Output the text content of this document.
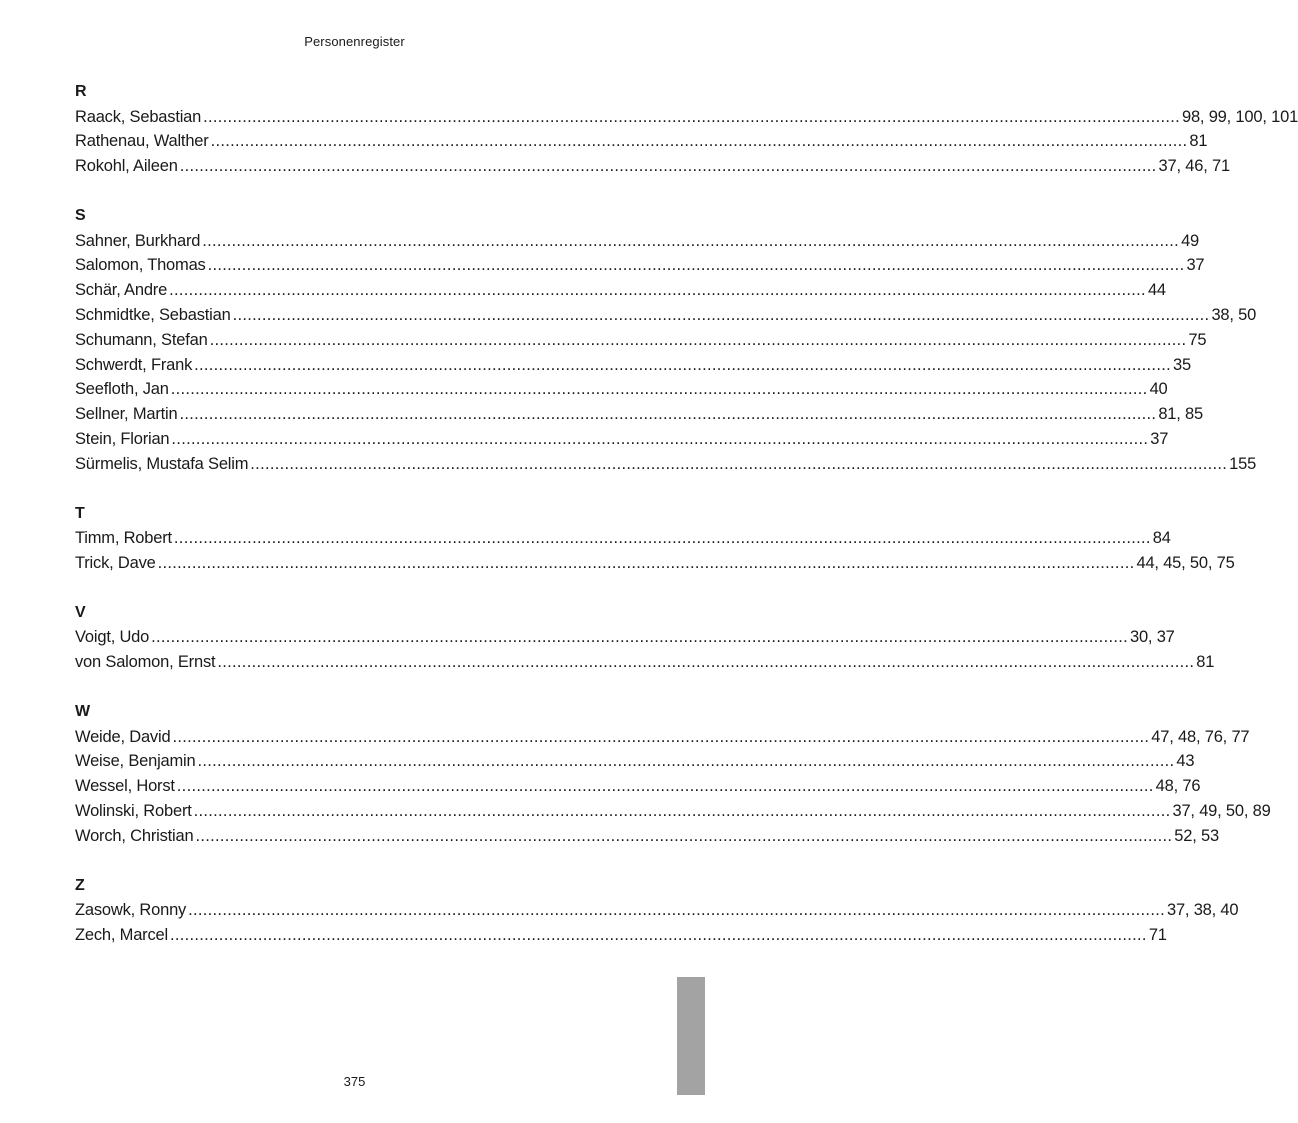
Personenregister
R
Raack, Sebastian ........................................................................................................................................................................................................ 98, 99, 100, 101
Rathenau, Walther ........................................................................................................................................................................................................ 81
Rokohl, Aileen ........................................................................................................................................................................................................ 37, 46, 71
S
Sahner, Burkhard ........................................................................................................................................................................................................ 49
Salomon, Thomas ........................................................................................................................................................................................................ 37
Schär, Andre ........................................................................................................................................................................................................ 44
Schmidtke, Sebastian ........................................................................................................................................................................................................ 38, 50
Schumann, Stefan ........................................................................................................................................................................................................ 75
Schwerdt, Frank ........................................................................................................................................................................................................ 35
Seefloth, Jan ........................................................................................................................................................................................................ 40
Sellner, Martin ........................................................................................................................................................................................................ 81, 85
Stein, Florian ........................................................................................................................................................................................................ 37
Sürmelis, Mustafa Selim ........................................................................................................................................................................................................ 155
T
Timm, Robert ........................................................................................................................................................................................................ 84
Trick, Dave ........................................................................................................................................................................................................ 44, 45, 50, 75
V
Voigt, Udo ........................................................................................................................................................................................................ 30, 37
von Salomon, Ernst ........................................................................................................................................................................................................ 81
W
Weide, David ........................................................................................................................................................................................................ 47, 48, 76, 77
Weise, Benjamin ........................................................................................................................................................................................................ 43
Wessel, Horst ........................................................................................................................................................................................................ 48, 76
Wolinski, Robert ........................................................................................................................................................................................................ 37, 49, 50, 89
Worch, Christian ........................................................................................................................................................................................................ 52, 53
Z
Zasowk, Ronny ........................................................................................................................................................................................................ 37, 38, 40
Zech, Marcel ........................................................................................................................................................................................................ 71
375
